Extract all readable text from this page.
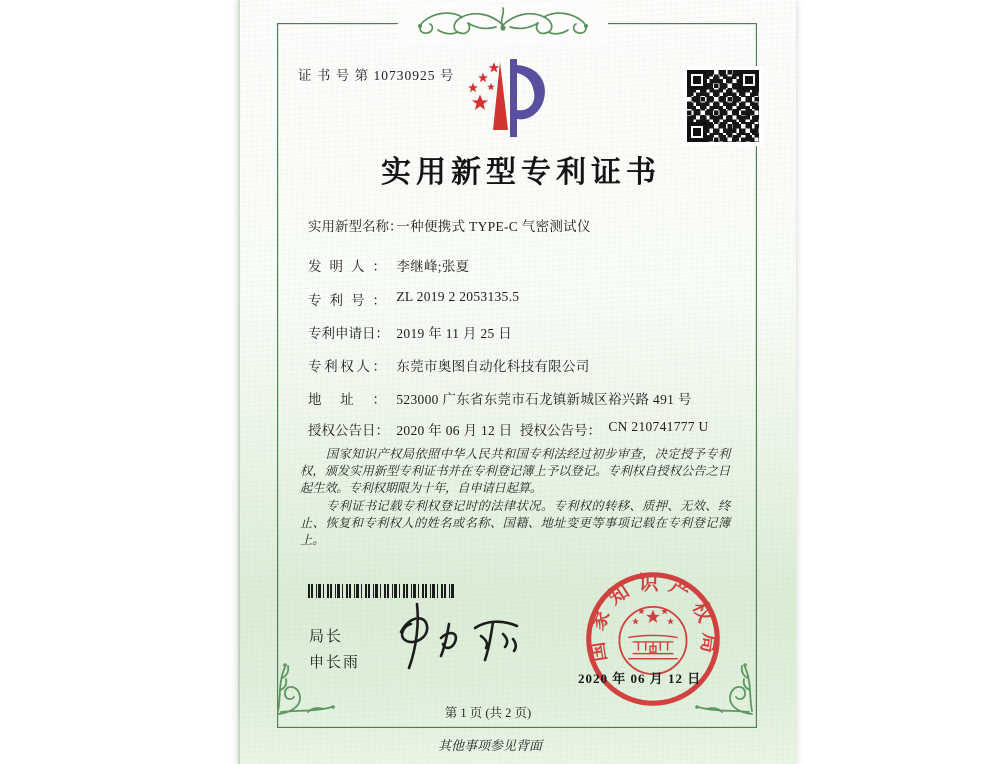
证 书 号 第 10730925 号
实用新型专利证书
实用新型名称： 一种便携式 TYPE-C 气密测试仪
发明人： 李继峰;张夏
专利号： ZL 2019 2 2053135.5
专利申请日： 2019 年 11 月 25 日
专利权人： 东莞市奥图自动化科技有限公司
地址： 523000 广东省东莞市石龙镇新城区裕兴路 491 号
授权公告日： 2020 年 06 月 12 日 授权公告号： CN 210741777 U

国家知识产权局依照中华人民共和国专利法经过初步审查，决定授予专利权，颁发实用新型专利证书并在专利登记簿上予以登记。专利权自授权公告之日起生效。专利权期限为十年，自申请日起算。

专利证书记载专利权登记时的法律状况。专利权的转移、质押、无效、终止、恢复和专利权人的姓名或名称、国籍、地址变更等事项记载在专利登记簿上。

局长
申长雨	国家知识产权局
2020 年 06 月 12 日
第 1 页 (共 2 页)
其他事项参见背面
